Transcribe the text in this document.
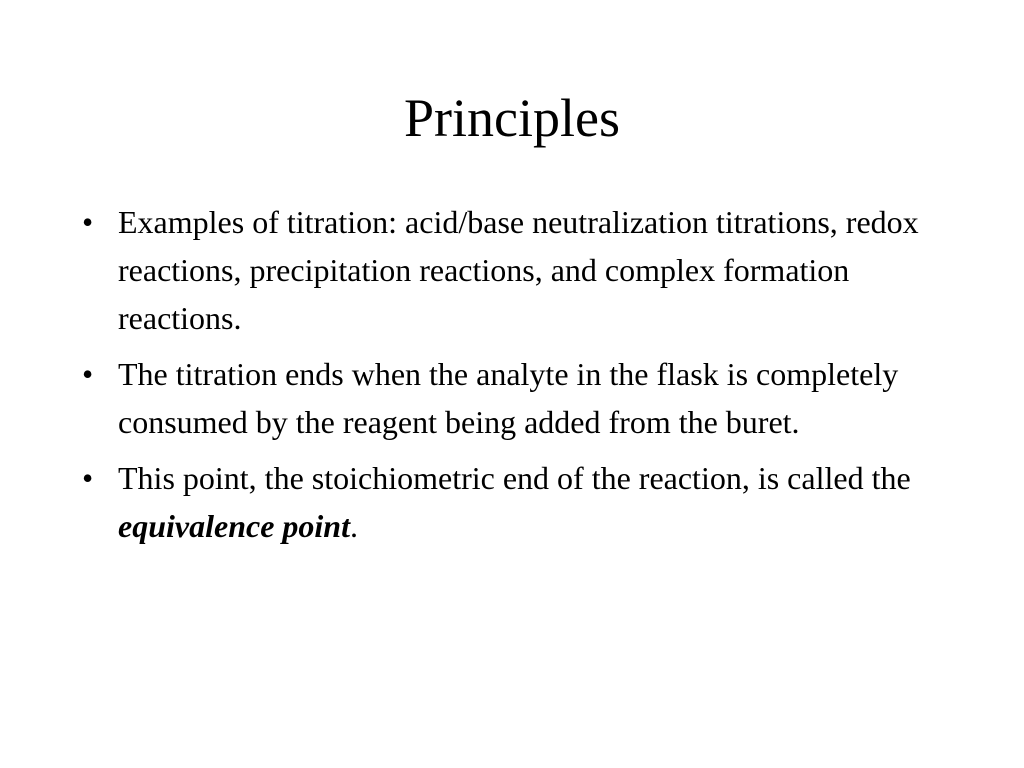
Principles
• Examples of titration: acid/base neutralization titrations, redox reactions, precipitation reactions, and complex formation reactions.
• The titration ends when the analyte in the flask is completely consumed by the reagent being added from the buret.
• This point, the stoichiometric end of the reaction, is called the equivalence point.
